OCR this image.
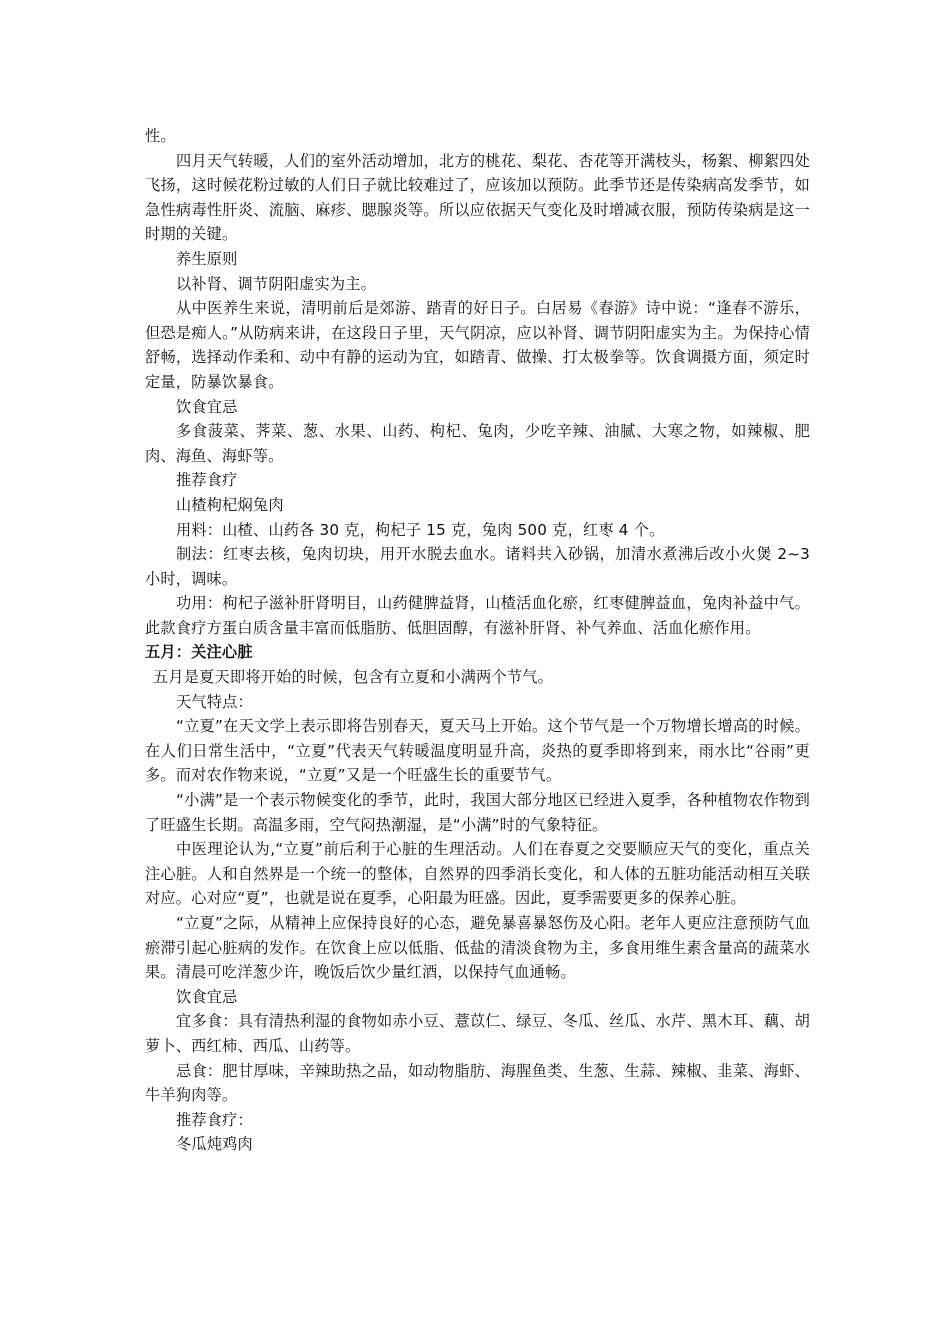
性。

四月天气转暖，人们的室外活动增加，北方的桃花、梨花、杏花等开满枝头，杨絮、柳絮四处飞扬，这时候花粉过敏的人们日子就比较难过了，应该加以预防。此季节还是传染病高发季节，如急性病毒性肝炎、流脑、麻疹、腮腺炎等。所以应依据天气变化及时增减衣服，预防传染病是这一时期的关键。

养生原则

以补肾、调节阴阳虚实为主。

从中医养生来说，清明前后是郊游、踏青的好日子。白居易《春游》诗中说：“逢春不游乐，但恐是痴人。”从防病来讲，在这段日子里，天气阴凉，应以补肾、调节阴阳虚实为主。为保持心情舒畅，选择动作柔和、动中有静的运动为宜，如踏青、做操、打太极拳等。饮食调摄方面，须定时定量，防暴饮暴食。

饮食宜忌

多食菠菜、荠菜、葱、水果、山药、枸杞、兔肉，少吃辛辣、油腻、大寒之物，如辣椒、肥肉、海鱼、海虾等。

推荐食疗

山楂枸杞焖兔肉

用料：山楂、山药各 30 克，枸杞子 15 克，兔肉 500 克，红枣 4 个。

制法：红枣去核，兔肉切块，用开水脱去血水。诸料共入砂锅，加清水煮沸后改小火煲 2~3 小时，调味。

功用：枸杞子滋补肝肾明目，山药健脾益肾，山楂活血化瘀，红枣健脾益血，兔肉补益中气。此款食疗方蛋白质含量丰富而低脂肪、低胆固醇，有滋补肝肾、补气养血、活血化瘀作用。

五月：关注心脏

五月是夏天即将开始的时候，包含有立夏和小满两个节气。

天气特点：

“立夏”在天文学上表示即将告别春天，夏天马上开始。这个节气是一个万物增长增高的时候。在人们日常生活中，“立夏”代表天气转暖温度明显升高，炎热的夏季即将到来，雨水比“谷雨”更多。而对农作物来说，“立夏”又是一个旺盛生长的重要节气。

“小满”是一个表示物候变化的季节，此时，我国大部分地区已经进入夏季，各种植物农作物到了旺盛生长期。高温多雨，空气闷热潮湿，是“小满”时的气象特征。

中医理论认为,“立夏”前后利于心脏的生理活动。人们在春夏之交要顺应天气的变化，重点关注心脏。人和自然界是一个统一的整体，自然界的四季消长变化，和人体的五脏功能活动相互关联对应。心对应“夏”，也就是说在夏季，心阳最为旺盛。因此，夏季需要更多的保养心脏。

“立夏”之际，从精神上应保持良好的心态，避免暴喜暴怒伤及心阳。老年人更应注意预防气血瘀滞引起心脏病的发作。在饮食上应以低脂、低盐的清淡食物为主，多食用维生素含量高的蔬菜水果。清晨可吃洋葱少许，晚饭后饮少量红酒，以保持气血通畅。

饮食宜忌

宜多食：具有清热利湿的食物如赤小豆、薏苡仁、绿豆、冬瓜、丝瓜、水芹、黑木耳、藕、胡萝卜、西红柿、西瓜、山药等。

忌食：肥甘厚味，辛辣助热之品，如动物脂肪、海腥鱼类、生葱、生蒜、辣椒、韭菜、海虾、牛羊狗肉等。

推荐食疗：

冬瓜炖鸡肉
